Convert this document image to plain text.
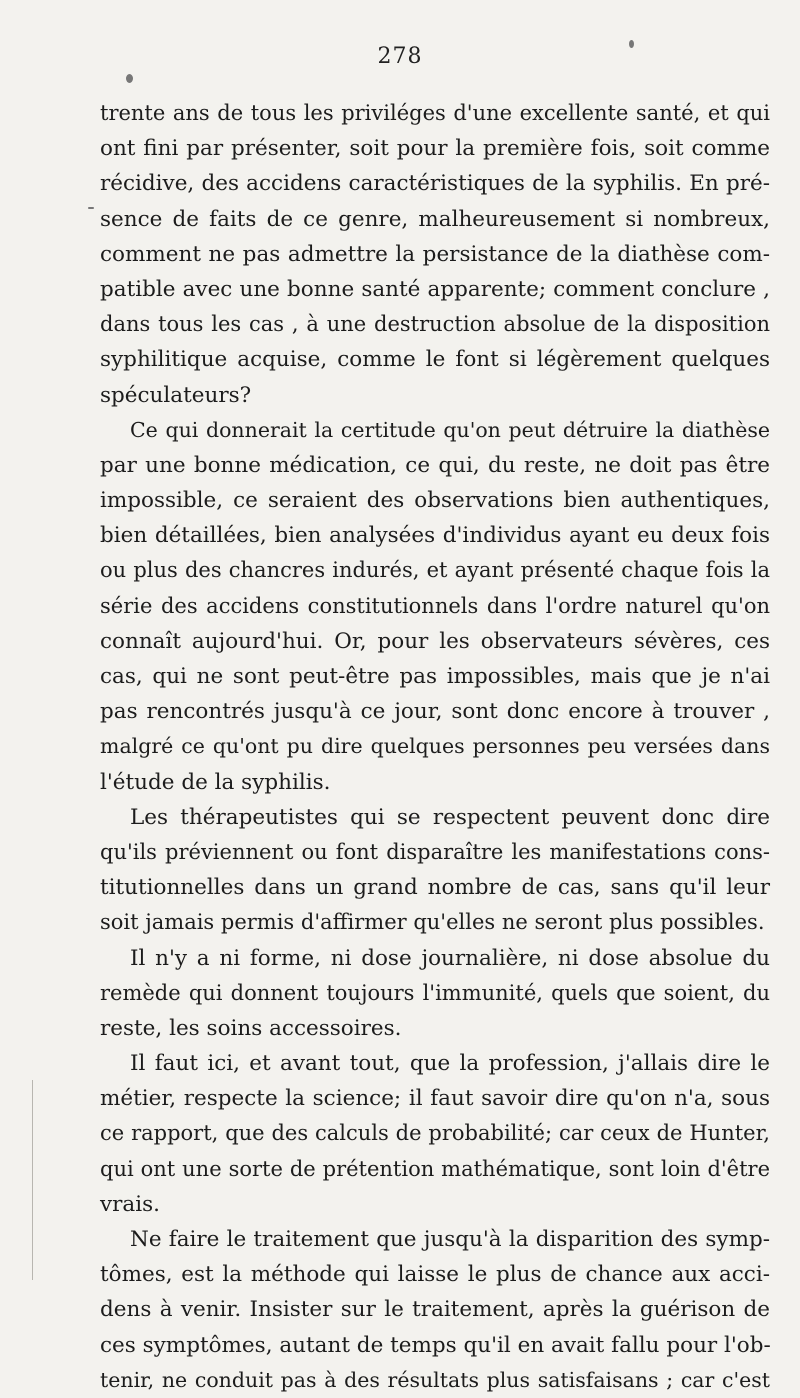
278
trente ans de tous les priviléges d'une excellente santé, et qui
ont fini par présenter, soit pour la première fois, soit comme
récidive, des accidens caractéristiques de la syphilis. En pré-
sence de faits de ce genre, malheureusement si nombreux,
comment ne pas admettre la persistance de la diathèse com-
patible avec une bonne santé apparente; comment conclure ,
dans tous les cas , à une destruction absolue de la disposition
syphilitique acquise, comme le font si légèrement quelques
spéculateurs?
Ce qui donnerait la certitude qu'on peut détruire la diathèse
par une bonne médication, ce qui, du reste, ne doit pas être
impossible, ce seraient des observations bien authentiques,
bien détaillées, bien analysées d'individus ayant eu deux fois
ou plus des chancres indurés, et ayant présenté chaque fois la
série des accidens constitutionnels dans l'ordre naturel qu'on
connaît aujourd'hui. Or, pour les observateurs sévères, ces
cas, qui ne sont peut-être pas impossibles, mais que je n'ai
pas rencontrés jusqu'à ce jour, sont donc encore à trouver ,
malgré ce qu'ont pu dire quelques personnes peu versées dans
l'étude de la syphilis.
Les thérapeutistes qui se respectent peuvent donc dire
qu'ils préviennent ou font disparaître les manifestations cons-
titutionnelles dans un grand nombre de cas, sans qu'il leur
soit jamais permis d'affirmer qu'elles ne seront plus possibles.
Il n'y a ni forme, ni dose journalière, ni dose absolue du
remède qui donnent toujours l'immunité, quels que soient, du
reste, les soins accessoires.
Il faut ici, et avant tout, que la profession, j'allais dire le
métier, respecte la science; il faut savoir dire qu'on n'a, sous
ce rapport, que des calculs de probabilité; car ceux de Hunter,
qui ont une sorte de prétention mathématique, sont loin d'être
vrais.
Ne faire le traitement que jusqu'à la disparition des symp-
tômes, est la méthode qui laisse le plus de chance aux acci-
dens à venir. Insister sur le traitement, après la guérison de
ces symptômes, autant de temps qu'il en avait fallu pour l'ob-
tenir, ne conduit pas à des résultats plus satisfaisans ; car c'est
